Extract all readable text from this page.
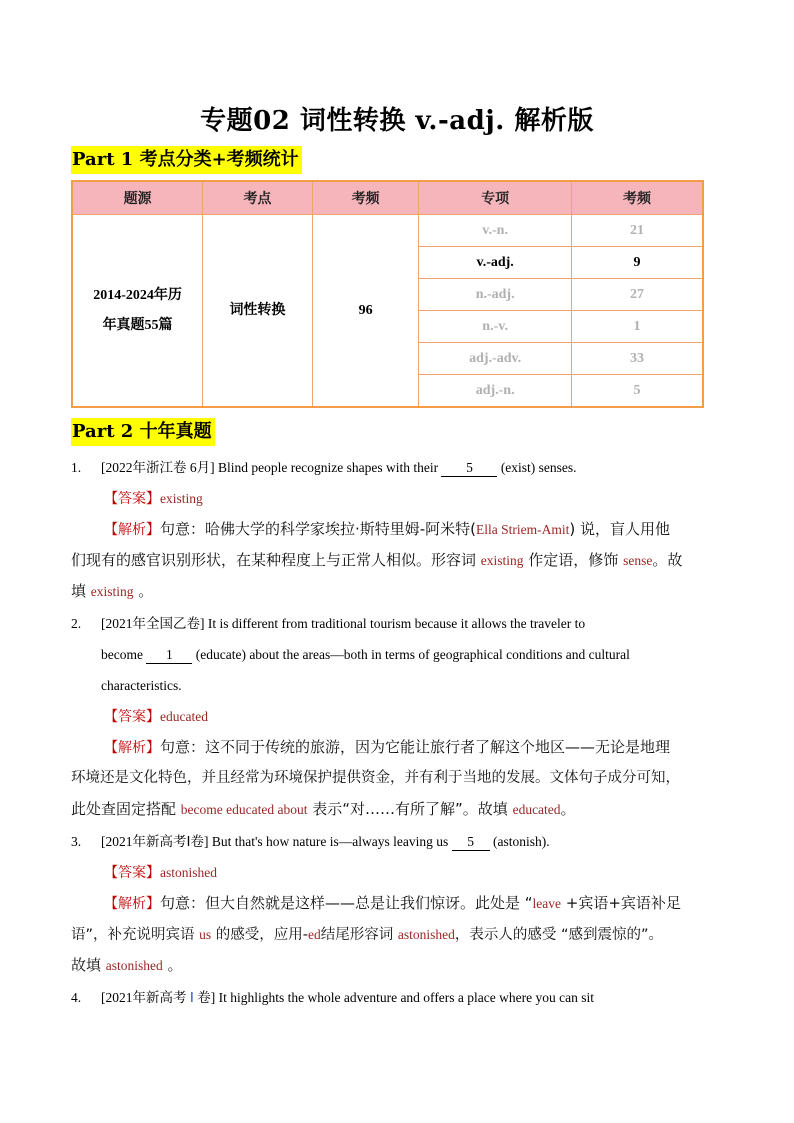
专题02 词性转换 v.-adj. 解析版
Part 1 考点分类+考频统计
题源	考点	考频	专项	考频

2014-2024年历
年真题55篇	词性转换	96	v.-n.	21
			v.-adj.	9
			n.-adj.	27
			n.-v.	1
			adj.-adv.	33
			adj.-n.	5
Part 2 十年真题
1. [2022年浙江卷 6月] Blind people recognize shapes with their 5 (exist) senses.
【答案】existing
【解析】句意：哈佛大学的科学家埃拉·斯特里姆-阿米特(Ella Striem-Amit) 说，盲人用他
们现有的感官识别形状，在某种程度上与正常人相似。形容词 existing 作定语，修饰 sense。故
填 existing 。
2. [2021年全国乙卷] It is different from traditional tourism because it allows the traveler to
become 1 (educate) about the areas—both in terms of geographical conditions and cultural
characteristics.
【答案】educated
【解析】句意：这不同于传统的旅游，因为它能让旅行者了解这个地区——无论是地理
环境还是文化特色，并且经常为环境保护提供资金，并有利于当地的发展。文体句子成分可知，
此处查固定搭配 become educated about 表示“对……有所了解”。故填 educated。
3. [2021年新高考Ⅰ卷] But that's how nature is—always leaving us 5 (astonish).
【答案】astonished
【解析】句意：但大自然就是这样——总是让我们惊讶。此处是 “leave +宾语+宾语补足
语”，补充说明宾语 us 的感受，应用-ed结尾形容词 astonished，表示人的感受 “感到震惊的”。
故填 astonished 。
4. [2021年新高考 Ⅰ 卷] It highlights the whole adventure and offers a place where you can sit
